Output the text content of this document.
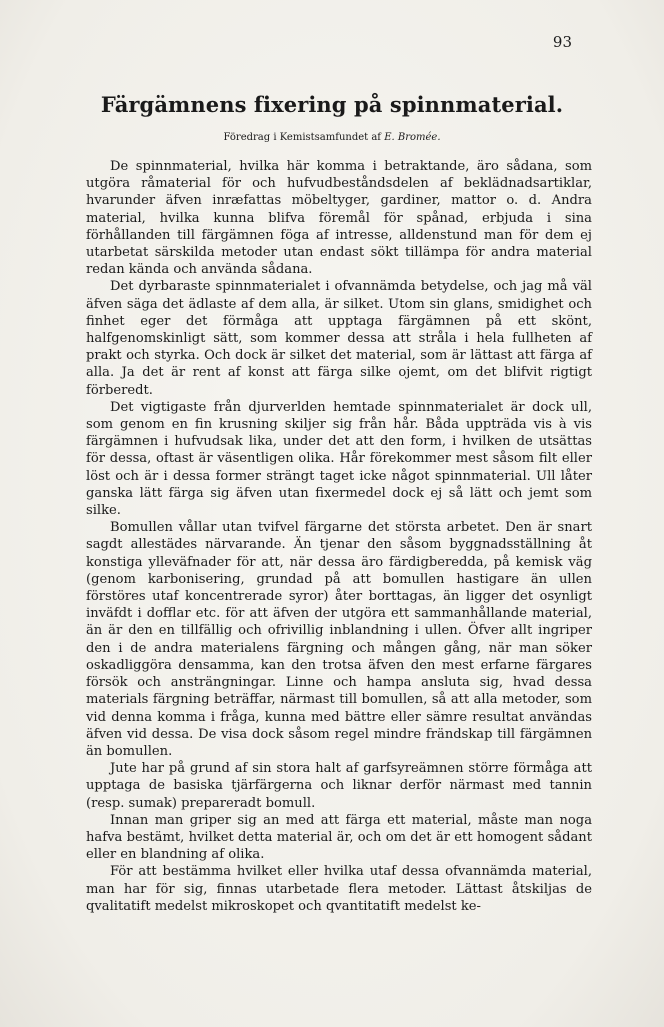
93
Färgämnens fixering på spinnmaterial.
Föredrag i Kemistsamfundet af E. Bromée.

De spinnmaterial, hvilka här komma i betraktande, äro sådana, som utgöra råmaterial för och hufvudbeståndsdelen af beklädnadsartiklar, hvarunder äfven inræfattas möbeltyger, gardiner, mattor o. d. Andra material, hvilka kunna blifva föremål för spånad, erbjuda i sina förhållanden till färgämnen föga af intresse, alldenstund man för dem ej utarbetat särskilda metoder utan endast sökt tillämpa för andra material redan kända och använda sådana.

Det dyrbaraste spinnmaterialet i ofvannämda betydelse, och jag må väl äfven säga det ädlaste af dem alla, är silket. Utom sin glans, smidighet och finhet eger det förmåga att upptaga färgämnen på ett skönt, halfgenomskinligt sätt, som kommer dessa att stråla i hela fullheten af prakt och styrka. Och dock är silket det material, som är lättast att färga af alla. Ja det är rent af konst att färga silke ojemt, om det blifvit rigtigt förberedt.

Det vigtigaste från djurverlden hemtade spinnmaterialet är dock ull, som genom en fin krusning skiljer sig från hår. Båda uppträda vis à vis färgämnen i hufvudsak lika, under det att den form, i hvilken de utsättas för dessa, oftast är väsentligen olika. Hår förekommer mest såsom filt eller löst och är i dessa former strängt taget icke något spinnmaterial. Ull låter ganska lätt färga sig äfven utan fixermedel dock ej så lätt och jemt som silke.

Bomullen vållar utan tvifvel färgarne det största arbetet. Den är snart sagdt allestädes närvarande. Än tjenar den såsom byggnadsställning åt konstiga ylleväfnader för att, när dessa äro färdigberedda, på kemisk väg (genom karbonisering, grundad på att bomullen hastigare än ullen förstöres utaf koncentrerade syror) åter borttagas, än ligger det osynligt inväfdt i dofflar etc. för att äfven der utgöra ett sammanhållande material, än är den en tillfällig och ofrivillig inblandning i ullen. Öfver allt ingriper den i de andra materialens färgning och mången gång, när man söker oskadliggöra densamma, kan den trotsa äfven den mest erfarne färgares försök och ansträngningar. Linne och hampa ansluta sig, hvad dessa materials färgning beträffar, närmast till bomullen, så att alla metoder, som vid denna komma i fråga, kunna med bättre eller sämre resultat användas äfven vid dessa. De visa dock såsom regel mindre frändskap till färgämnen än bomullen.

Jute har på grund af sin stora halt af garfsyreämnen större förmåga att upptaga de basiska tjärfärgerna och liknar derför närmast med tannin (resp. sumak) prepareradt bomull.

Innan man griper sig an med att färga ett material, måste man noga hafva bestämt, hvilket detta material är, och om det är ett homogent sådant eller en blandning af olika.

För att bestämma hvilket eller hvilka utaf dessa ofvannämda material, man har för sig, finnas utarbetade flera metoder. Lättast åtskiljas de qvalitatift medelst mikroskopet och qvantitatift medelst ke-
